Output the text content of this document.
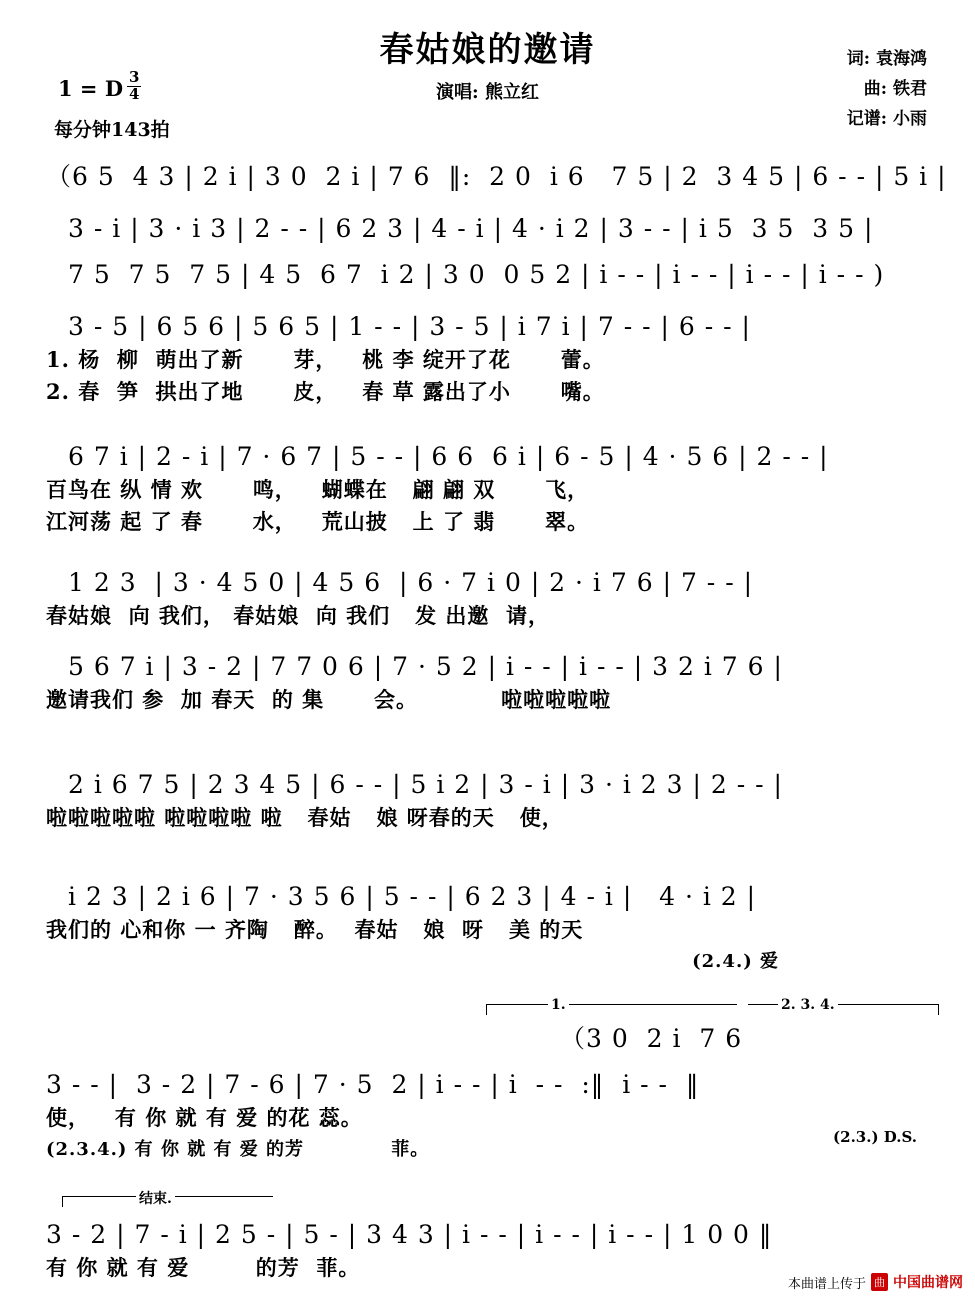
春姑娘的邀请
演唱: 熊立红
词: 袁海鸿
曲: 铁君
记谱: 小雨
1 = D $\frac{3}{4}$
每分钟143拍
（6 5  4 3 | 2 i | 3 0  2 i | 7 6  ‖:  2 0  i 6   7 5 | 2  3 4 5 | 6 - - | 5 i |
3 - i | 3 · i 3 | 2 - - | 6 2 3 | 4 - i | 4 · i 2 | 3 - - | i 5  3 5  3 5 |
7 5  7 5  7 5 | 4 5  6 7  i 2 | 3 0  0 5 2 | i - - | i - - | i - - | i - - )
3 - 5 | 6 5 6 | 5 6 5 | 1 - - | 3 - 5 | i 7 i | 7 - - | 6 - - |
1. 杨  柳  萌出了新      芽，   桃 李 绽开了花      蕾。
2. 春  笋  拱出了地      皮，   春 草 露出了小      嘴。
6 7 i | 2 - i | 7 · 6 7 | 5 - - | 6 6  6 i | 6 - 5 | 4 · 5 6 | 2 - - |
百鸟在 纵 情 欢      鸣，   蝴蝶在   翩 翩 双      飞，
江河荡 起 了 春      水，   荒山披   上 了 翡      翠。
1 2 3  | 3 · 4 5 0 | 4 5 6  | 6 · 7 i 0 | 2 · i 7 6 | 7 - - |
春姑娘  向 我们， 春姑娘  向 我们   发 出邀  请，
5 6 7 i | 3 - 2 | 7 7 0 6 | 7 · 5 2 | i - - | i - - | 3 2 i 7 6 |
邀请我们 参  加 春天  的 集      会。          啦啦啦啦啦
2 i 6 7 5 | 2 3 4 5 | 6 - - | 5 i 2 | 3 - i | 3 · i 2 3 | 2 - - |
啦啦啦啦啦 啦啦啦啦 啦   春姑   娘 呀春的天   使，
i 2 3 | 2 i 6 | 7 · 3 5 6 | 5 - - | 6 2 3 | 4 - i |   4 · i 2 |
我们的 心和你 一 齐陶   醉。  春姑   娘  呀   美 的天
(2.4.) 爱
1.	2. 3. 4.
（3 0  2 i  7 6
3 - - |  3 - 2 | 7 - 6 | 7 · 5  2 | i - - | i  - -  :‖  i - -  ‖
使，   有 你 就 有 爱 的花 蕊。
(2.3.4.) 有 你 就 有 爱 的芳            菲。
(2.3.) D.S.
结束.
3 - 2 | 7 - i | 2 5 - | 5 - | 3 4 3 | i - - | i - - | i - - | 1 0 0 ‖
有 你 就 有 爱        的芳  菲。
本曲谱上传于 曲 中国曲谱网
